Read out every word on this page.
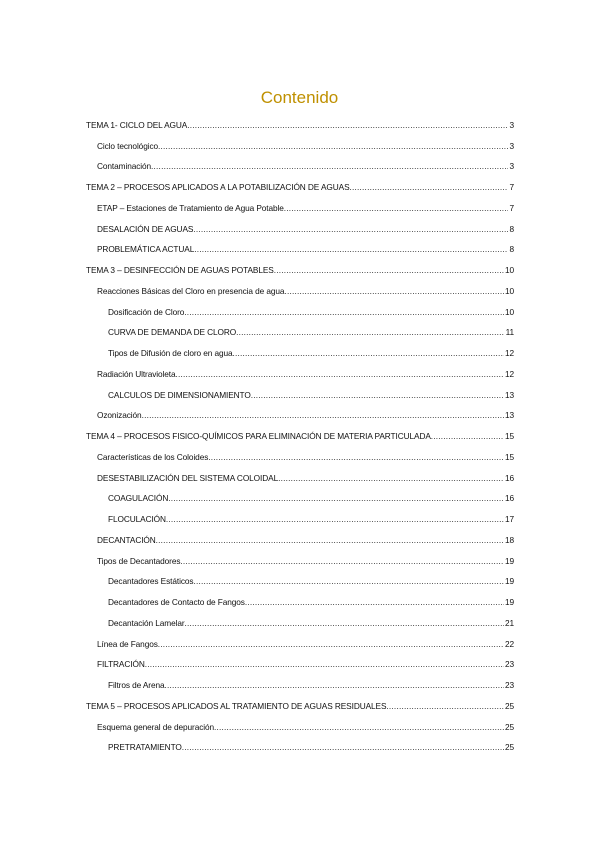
Contenido
TEMA 1- CICLO DEL AGUA .....	3
Ciclo tecnológico .....	3
Contaminación .....	3
TEMA 2 – PROCESOS APLICADOS A LA POTABILIZACIÓN DE AGUAS .....	7
ETAP – Estaciones de Tratamiento de Agua Potable .....	7
DESALACIÓN DE AGUAS .....	8
PROBLEMÁTICA ACTUAL .....	8
TEMA 3 – DESINFECCIÓN DE AGUAS POTABLES .....	10
Reacciones Básicas del Cloro en presencia de agua .....	10
Dosificación de Cloro .....	10
CURVA DE DEMANDA DE CLORO .....	11
Tipos de Difusión de cloro en agua .....	12
Radiación Ultravioleta .....	12
CALCULOS DE DIMENSIONAMIENTO .....	13
Ozonización .....	13
TEMA 4 – PROCESOS FISICO-QUÍMICOS PARA ELIMINACIÓN DE MATERIA PARTICULADA .....	15
Características de los Coloides .....	15
DESESTABILIZACIÓN DEL SISTEMA COLOIDAL .....	16
COAGULACIÓN .....	16
FLOCULACIÓN .....	17
DECANTACIÓN .....	18
Tipos de Decantadores .....	19
Decantadores Estáticos .....	19
Decantadores de Contacto de Fangos .....	19
Decantación Lamelar .....	21
Línea de Fangos .....	22
FILTRACIÓN .....	23
Filtros de Arena .....	23
TEMA 5 – PROCESOS APLICADOS AL TRATAMIENTO DE AGUAS RESIDUALES .....	25
Esquema general de depuración .....	25
PRETRATAMIENTO .....	25
